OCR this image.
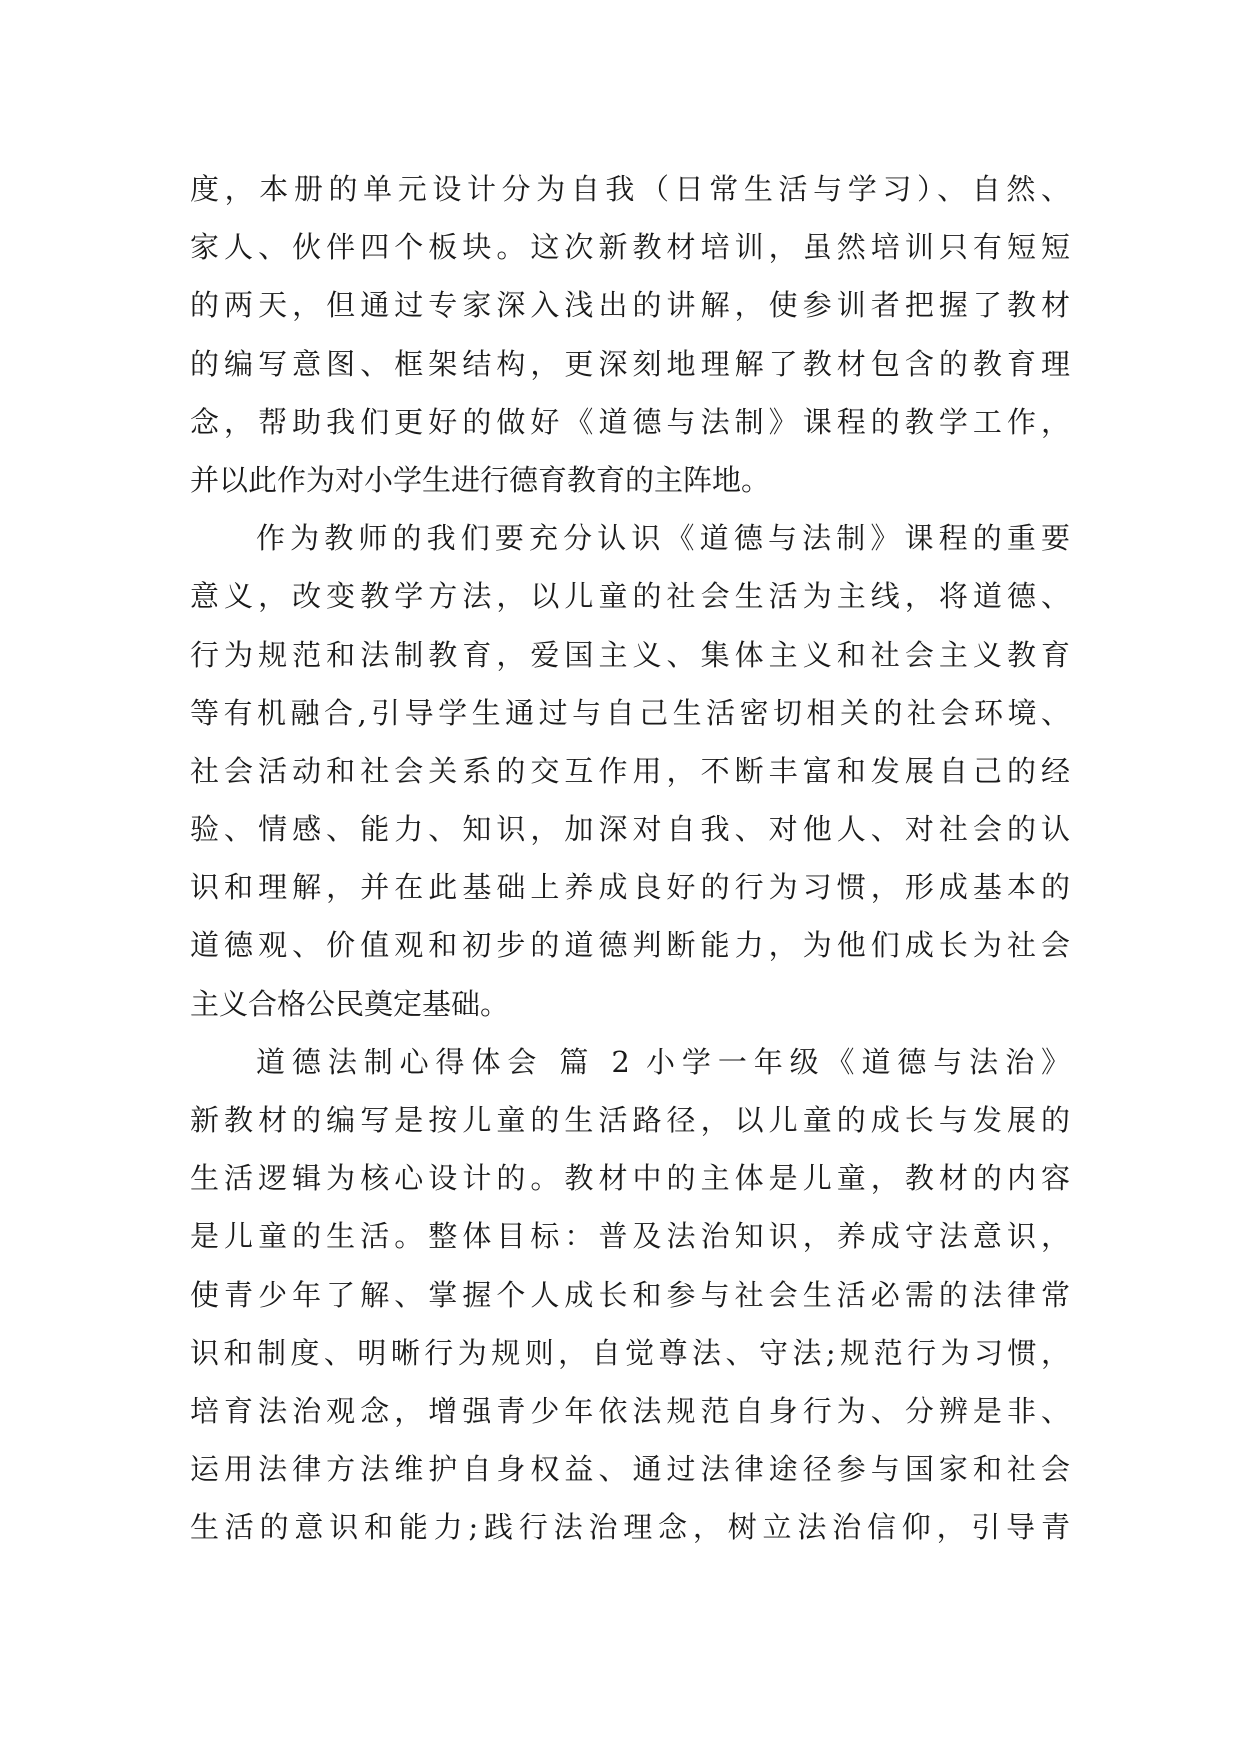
度，本册的单元设计分为自我（日常生活与学习）、自然、
家人、伙伴四个板块。这次新教材培训，虽然培训只有短短
的两天，但通过专家深入浅出的讲解，使参训者把握了教材
的编写意图、框架结构，更深刻地理解了教材包含的教育理
念，帮助我们更好的做好《道德与法制》课程的教学工作，
并以此作为对小学生进行德育教育的主阵地。
作为教师的我们要充分认识《道德与法制》课程的重要
意义，改变教学方法，以儿童的社会生活为主线，将道德、
行为规范和法制教育，爱国主义、集体主义和社会主义教育
等有机融合,引导学生通过与自己生活密切相关的社会环境、
社会活动和社会关系的交互作用，不断丰富和发展自己的经
验、情感、能力、知识，加深对自我、对他人、对社会的认
识和理解，并在此基础上养成良好的行为习惯，形成基本的
道德观、价值观和初步的道德判断能力，为他们成长为社会
主义合格公民奠定基础。
道德法制心得体会 篇 2 小学一年级《道德与法治》
新教材的编写是按儿童的生活路径，以儿童的成长与发展的
生活逻辑为核心设计的。教材中的主体是儿童，教材的内容
是儿童的生活。整体目标：普及法治知识，养成守法意识，
使青少年了解、掌握个人成长和参与社会生活必需的法律常
识和制度、明晰行为规则，自觉尊法、守法;规范行为习惯，
培育法治观念，增强青少年依法规范自身行为、分辨是非、
运用法律方法维护自身权益、通过法律途径参与国家和社会
生活的意识和能力;践行法治理念，树立法治信仰，引导青
